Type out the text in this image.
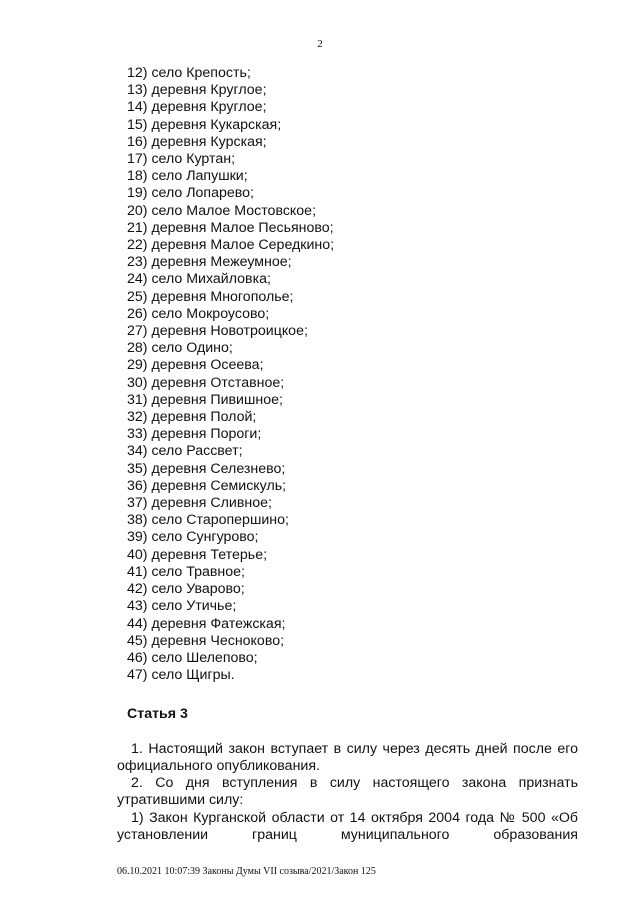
2
12) село Крепость;
13) деревня Круглое;
14) деревня Круглое;
15) деревня Кукарская;
16) деревня Курская;
17) село Куртан;
18) село Лапушки;
19) село Лопарево;
20) село Малое Мостовское;
21) деревня Малое Песьяново;
22) деревня Малое Середкино;
23) деревня Межеумное;
24) село Михайловка;
25) деревня Многополье;
26) село Мокроусово;
27) деревня Новотроицкое;
28) село Одино;
29) деревня Осеева;
30) деревня Отставное;
31) деревня Пивишное;
32) деревня Полой;
33) деревня Пороги;
34) село Рассвет;
35) деревня Селезнево;
36) деревня Семискуль;
37) деревня Сливное;
38) село Старопершино;
39) село Сунгурово;
40) деревня Тетерье;
41) село Травное;
42) село Уварово;
43) село Утичье;
44) деревня Фатежская;
45) деревня Чесноково;
46) село Шелепово;
47) село Щигры.
Статья 3
1. Настоящий закон вступает в силу через десять дней после его официального опубликования.
2. Со дня вступления в силу настоящего закона признать утратившими силу:
1) Закон Курганской области от 14 октября 2004 года № 500 «Об установлении границ муниципального образования
06.10.2021 10:07:39 Законы Думы VII созыва/2021/Закон 125
